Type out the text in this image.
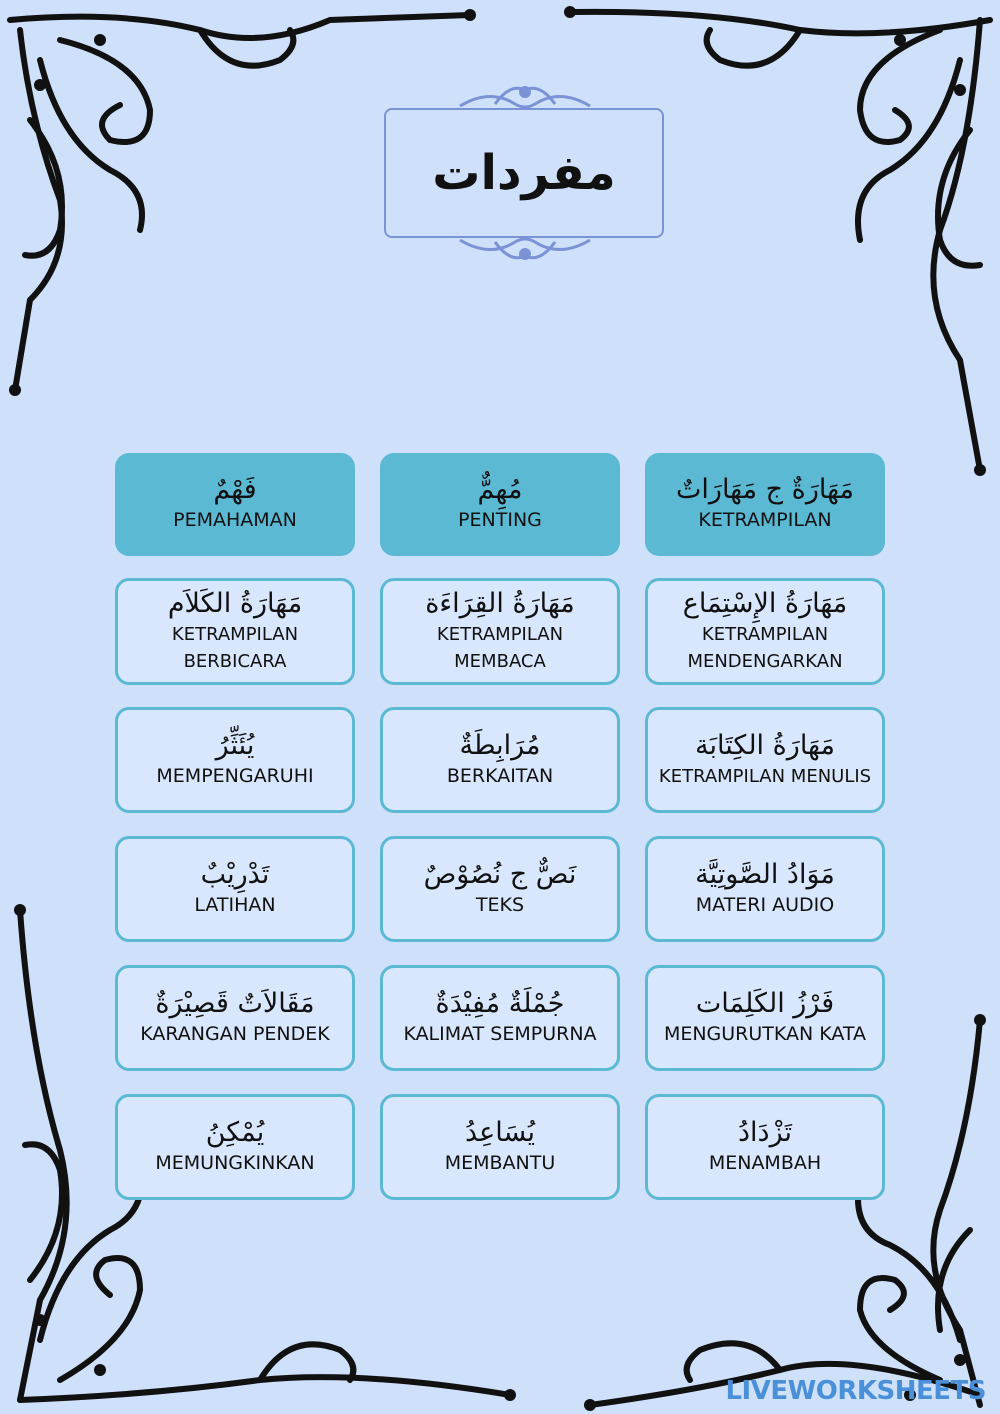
مفردات
فَهْمٌ
PEMAHAMAN
مُهِمٌّ
PENTING
مَهَارَةٌ ج مَهَارَاتٌ
KETRAMPILAN
مَهَارَةُ الكَلاَم
KETRAMPILAN BERBICARA
مَهَارَةُ القِرَاءَة
KETRAMPILAN MEMBACA
مَهَارَةُ الإِسْتِمَاع
KETRAMPILAN MENDENGARKAN
يُئَثِّرُ
MEMPENGARUHI
مُرَابِطَةٌ
BERKAITAN
مَهَارَةُ الكِتَابَة
KETRAMPILAN MENULIS
تَدْرِيْبٌ
LATIHAN
نَصٌّ ج نُصُوْصٌ
TEKS
مَوَادُ الصَّوتِيَّة
MATERI AUDIO
مَقَالاَتٌ قَصِيْرَةٌ
KARANGAN PENDEK
جُمْلَةٌ مُفِيْدَةٌ
KALIMAT SEMPURNA
فَرْزُ الكَلِمَات
MENGURUTKAN KATA
يُمْكِنُ
MEMUNGKINKAN
يُسَاعِدُ
MEMBANTU
تَزْدَادُ
MENAMBAH
LIVEWORKSHEETS
